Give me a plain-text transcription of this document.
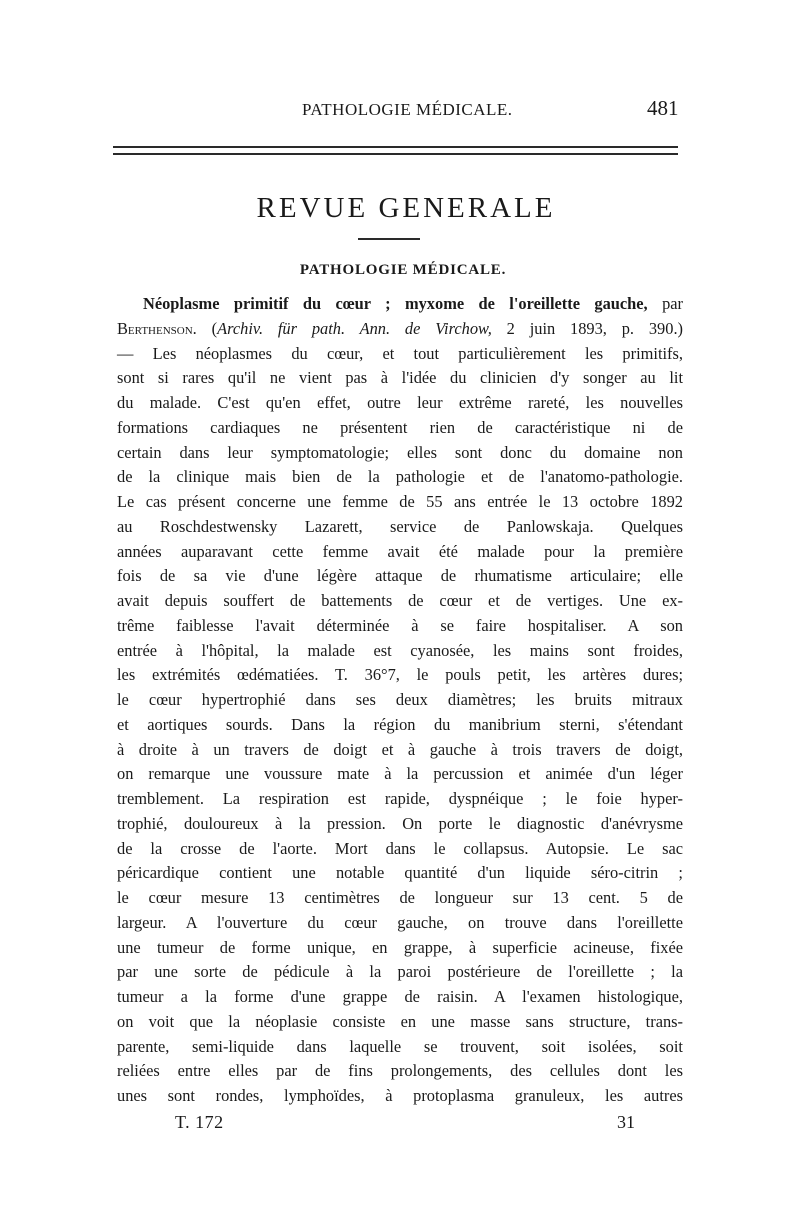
PATHOLOGIE MÉDICALE.	481
REVUE GENERALE
PATHOLOGIE MÉDICALE.
Néoplasme primitif du cœur ; myxome de l'oreillette gauche, par
Berthenson. (Archiv. für path. Ann. de Virchow, 2 juin 1893, p. 390.)
— Les néoplasmes du cœur, et tout particulièrement les primitifs,
sont si rares qu'il ne vient pas à l'idée du clinicien d'y songer au lit
du malade. C'est qu'en effet, outre leur extrême rareté, les nouvelles
formations cardiaques ne présentent rien de caractéristique ni de
certain dans leur symptomatologie; elles sont donc du domaine non
de la clinique mais bien de la pathologie et de l'anatomo-pathologie.
Le cas présent concerne une femme de 55 ans entrée le 13 octobre 1892
au Roschdestwensky Lazarett, service de Panlowskaja. Quelques
années auparavant cette femme avait été malade pour la première
fois de sa vie d'une légère attaque de rhumatisme articulaire; elle
avait depuis souffert de battements de cœur et de vertiges. Une ex-
trême faiblesse l'avait déterminée à se faire hospitaliser. A son
entrée à l'hôpital, la malade est cyanosée, les mains sont froides,
les extrémités œdématiées. T. 36°7, le pouls petit, les artères dures;
le cœur hypertrophié dans ses deux diamètres; les bruits mitraux
et aortiques sourds. Dans la région du manibrium sterni, s'étendant
à droite à un travers de doigt et à gauche à trois travers de doigt,
on remarque une voussure mate à la percussion et animée d'un léger
tremblement. La respiration est rapide, dyspnéique ; le foie hyper-
trophié, douloureux à la pression. On porte le diagnostic d'anévrysme
de la crosse de l'aorte. Mort dans le collapsus. Autopsie. Le sac
péricardique contient une notable quantité d'un liquide séro-citrin ;
le cœur mesure 13 centimètres de longueur sur 13 cent. 5 de
largeur. A l'ouverture du cœur gauche, on trouve dans l'oreillette
une tumeur de forme unique, en grappe, à superficie acineuse, fixée
par une sorte de pédicule à la paroi postérieure de l'oreillette ; la
tumeur a la forme d'une grappe de raisin. A l'examen histologique,
on voit que la néoplasie consiste en une masse sans structure, trans-
parente, semi-liquide dans laquelle se trouvent, soit isolées, soit
reliées entre elles par de fins prolongements, des cellules dont les
unes sont rondes, lymphoïdes, à protoplasma granuleux, les autres
T. 172	31
